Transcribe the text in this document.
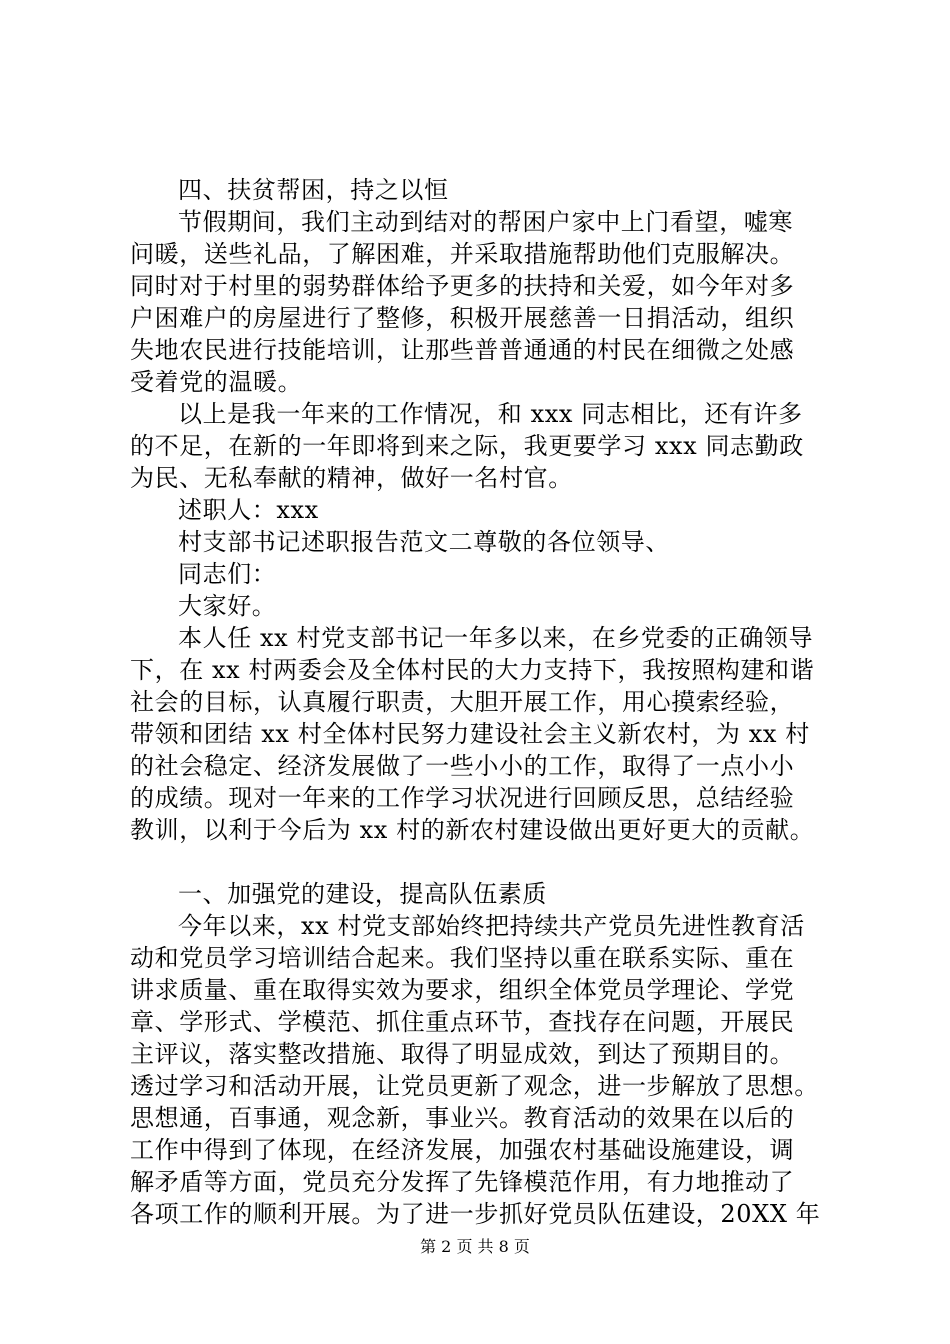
四、扶贫帮困，持之以恒
节假期间，我们主动到结对的帮困户家中上门看望，嘘寒
问暖，送些礼品，了解困难，并采取措施帮助他们克服解决。
同时对于村里的弱势群体给予更多的扶持和关爱，如今年对多
户困难户的房屋进行了整修，积极开展慈善一日捐活动，组织
失地农民进行技能培训，让那些普普通通的村民在细微之处感
受着党的温暖。
以上是我一年来的工作情况，和 xxx 同志相比，还有许多
的不足，在新的一年即将到来之际，我更要学习 xxx 同志勤政
为民、无私奉献的精神，做好一名村官。
述职人：xxx
村支部书记述职报告范文二尊敬的各位领导、
同志们：
大家好。
本人任 xx 村党支部书记一年多以来，在乡党委的正确领导
下，在 xx 村两委会及全体村民的大力支持下，我按照构建和谐
社会的目标，认真履行职责，大胆开展工作，用心摸索经验，
带领和团结 xx 村全体村民努力建设社会主义新农村，为 xx 村
的社会稳定、经济发展做了一些小小的工作，取得了一点小小
的成绩。现对一年来的工作学习状况进行回顾反思，总结经验
教训，以利于今后为 xx 村的新农村建设做出更好更大的贡献。
一、加强党的建设，提高队伍素质
今年以来，xx 村党支部始终把持续共产党员先进性教育活
动和党员学习培训结合起来。我们坚持以重在联系实际、重在
讲求质量、重在取得实效为要求，组织全体党员学理论、学党
章、学形式、学模范、抓住重点环节，查找存在问题，开展民
主评议，落实整改措施、取得了明显成效，到达了预期目的。
透过学习和活动开展，让党员更新了观念，进一步解放了思想。
思想通，百事通，观念新，事业兴。教育活动的效果在以后的
工作中得到了体现，在经济发展，加强农村基础设施建设，调
解矛盾等方面，党员充分发挥了先锋模范作用，有力地推动了
各项工作的顺利开展。为了进一步抓好党员队伍建设，20XX 年
第 2 页 共 8 页
